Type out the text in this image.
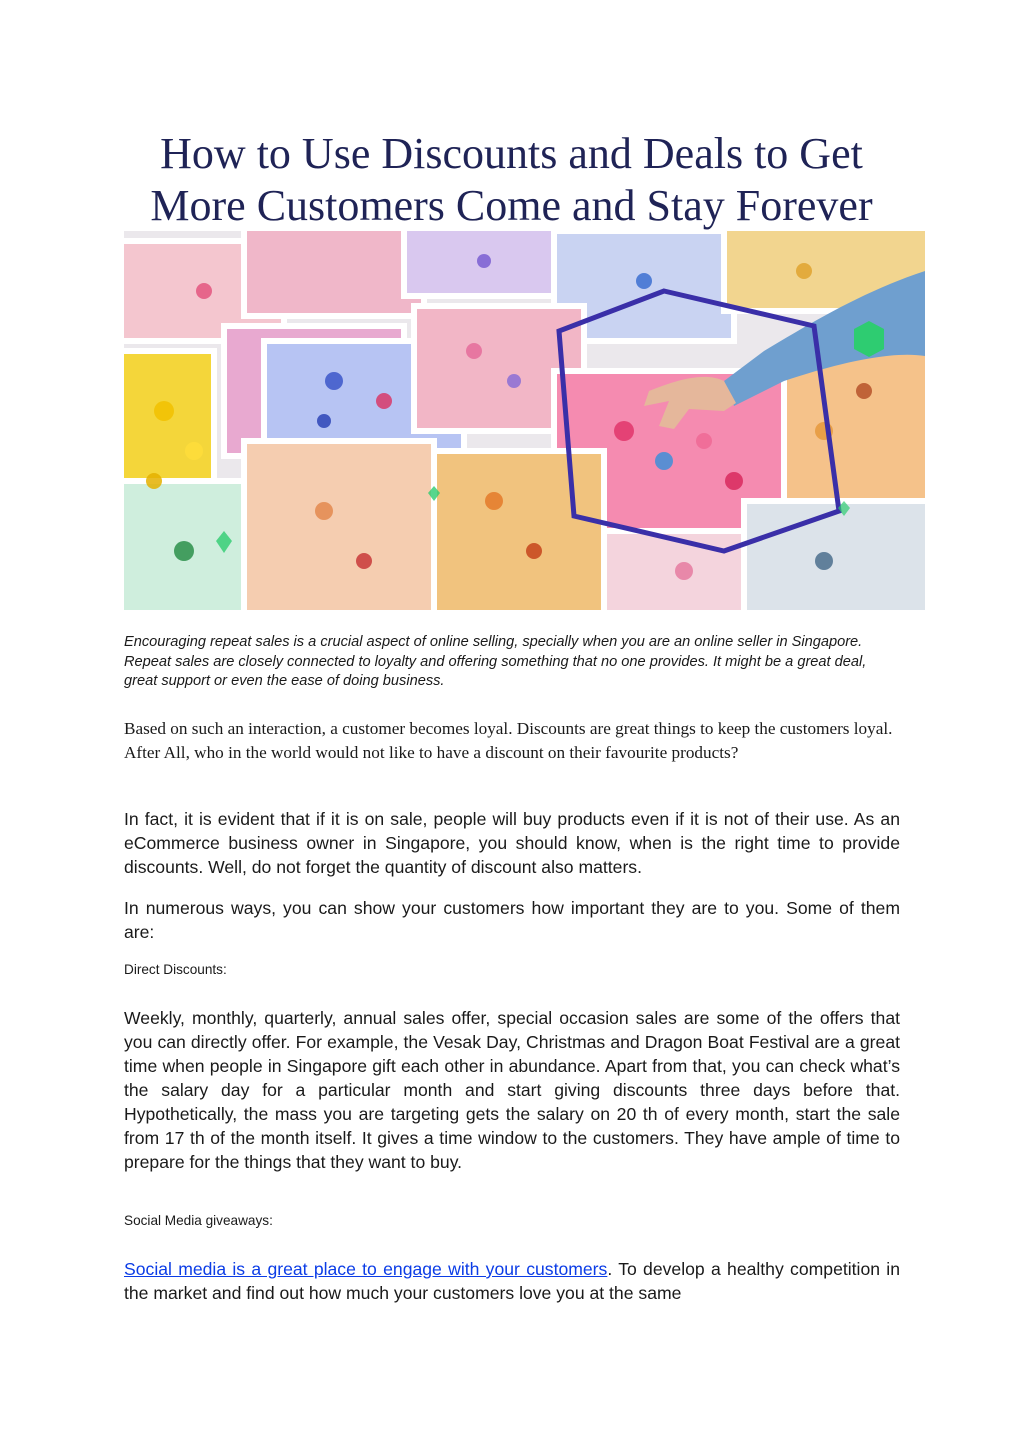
How to Use Discounts and Deals to Get
More Customers Come and Stay Forever

Encouraging repeat sales is a crucial aspect of online selling, specially when you are an online seller in Singapore. Repeat sales are closely connected to loyalty and offering something that no one provides. It might be a great deal, great support or even the ease of doing business.

Based on such an interaction, a customer becomes loyal. Discounts are great things to keep the customers loyal. After All, who in the world would not like to have a discount on their favourite products?

In fact, it is evident that if it is on sale, people will buy products even if it is not of their use. As an eCommerce business owner in Singapore, you should know, when is the right time to provide discounts. Well, do not forget the quantity of discount also matters.

In numerous ways, you can show your customers how important they are to you. Some of them are:

Direct Discounts:

Weekly, monthly, quarterly, annual sales offer, special occasion sales are some of the offers that you can directly offer. For example, the Vesak Day, Christmas and Dragon Boat Festival are a great time when people in Singapore gift each other in abundance. Apart from that, you can check what’s the salary day for a particular month and start giving discounts three days before that. Hypothetically, the mass you are targeting gets the salary on 20 th of every month, start the sale from 17 th of the month itself. It gives a time window to the customers. They have ample of time to prepare for the things that they want to buy.

Social Media giveaways:

Social media is a great place to engage with your customers. To develop a healthy competition in the market and find out how much your customers love you at the same
